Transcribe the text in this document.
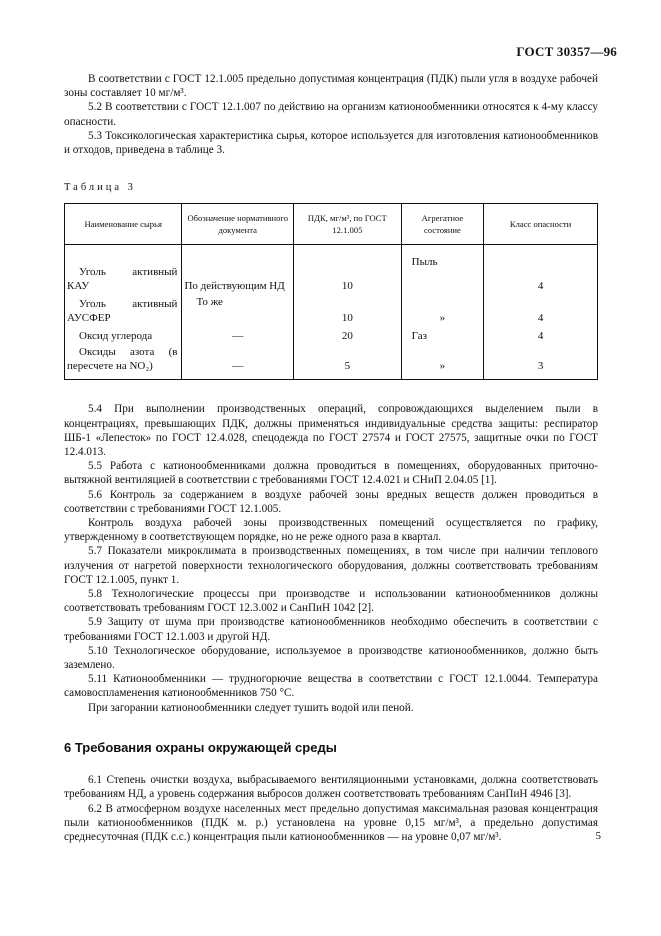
ГОСТ 30357—96

В соответствии с ГОСТ 12.1.005 предельно допустимая концентрация (ПДК) пыли угля в воздухе рабочей зоны составляет 10 мг/м³.

5.2 В соответствии с ГОСТ 12.1.007 по действию на организм катионообменники относятся к 4-му классу опасности.

5.3 Токсикологическая характеристика сырья, которое используется для изготовления катионообменников и отходов, приведена в таблице 3.

Таблица 3
Наименование сырья	Обозначение нормативного документа	ПДК, мг/м³, по ГОСТ 12.1.005	Агрегатное состояние	Класс опасности
Уголь активный КАУ	По действующим НД	10	Пыль	4
Уголь активный АУСФЕР	То же	10	»	4
Оксид углерода	—	20	Газ	4
Оксиды азота (в пересчете на NO₂)	—	5	»	3

5.4 При выполнении производственных операций, сопровождающихся выделением пыли в концентрациях, превышающих ПДК, должны применяться индивидуальные средства защиты: респиратор ШБ-1 «Лепесток» по ГОСТ 12.4.028, спецодежда по ГОСТ 27574 и ГОСТ 27575, защитные очки по ГОСТ 12.4.013.

5.5 Работа с катионообменниками должна проводиться в помещениях, оборудованных приточно-вытяжной вентиляцией в соответствии с требованиями ГОСТ 12.4.021 и СНиП 2.04.05 [1].

5.6 Контроль за содержанием в воздухе рабочей зоны вредных веществ должен проводиться в соответствии с требованиями ГОСТ 12.1.005.

Контроль воздуха рабочей зоны производственных помещений осуществляется по графику, утвержденному в соответствующем порядке, но не реже одного раза в квартал.

5.7 Показатели микроклимата в производственных помещениях, в том числе при наличии теплового излучения от нагретой поверхности технологического оборудования, должны соответствовать требованиям ГОСТ 12.1.005, пункт 1.

5.8 Технологические процессы при производстве и использовании катионообменников должны соответствовать требованиям ГОСТ 12.3.002 и СанПиН 1042 [2].

5.9 Защиту от шума при производстве катионообменников необходимо обеспечить в соответствии с требованиями ГОСТ 12.1.003 и другой НД.

5.10 Технологическое оборудование, используемое в производстве катионообменников, должно быть заземлено.

5.11 Катионообменники — трудногорючие вещества в соответствии с ГОСТ 12.1.0044. Температура самовоспламенения катионообменников 750 °С.

При загорании катионообменники следует тушить водой или пеной.

6 Требования охраны окружающей среды

6.1 Степень очистки воздуха, выбрасываемого вентиляционными установками, должна соответствовать требованиям НД, а уровень содержания выбросов должен соответствовать требованиям СанПиН 4946 [3].

6.2 В атмосферном воздухе населенных мест предельно допустимая максимальная разовая концентрация пыли катионообменников (ПДК м. р.) установлена на уровне 0,15 мг/м³, а предельно допустимая среднесуточная (ПДК с.с.) концентрация пыли катионообменников — на уровне 0,07 мг/м³.	5
